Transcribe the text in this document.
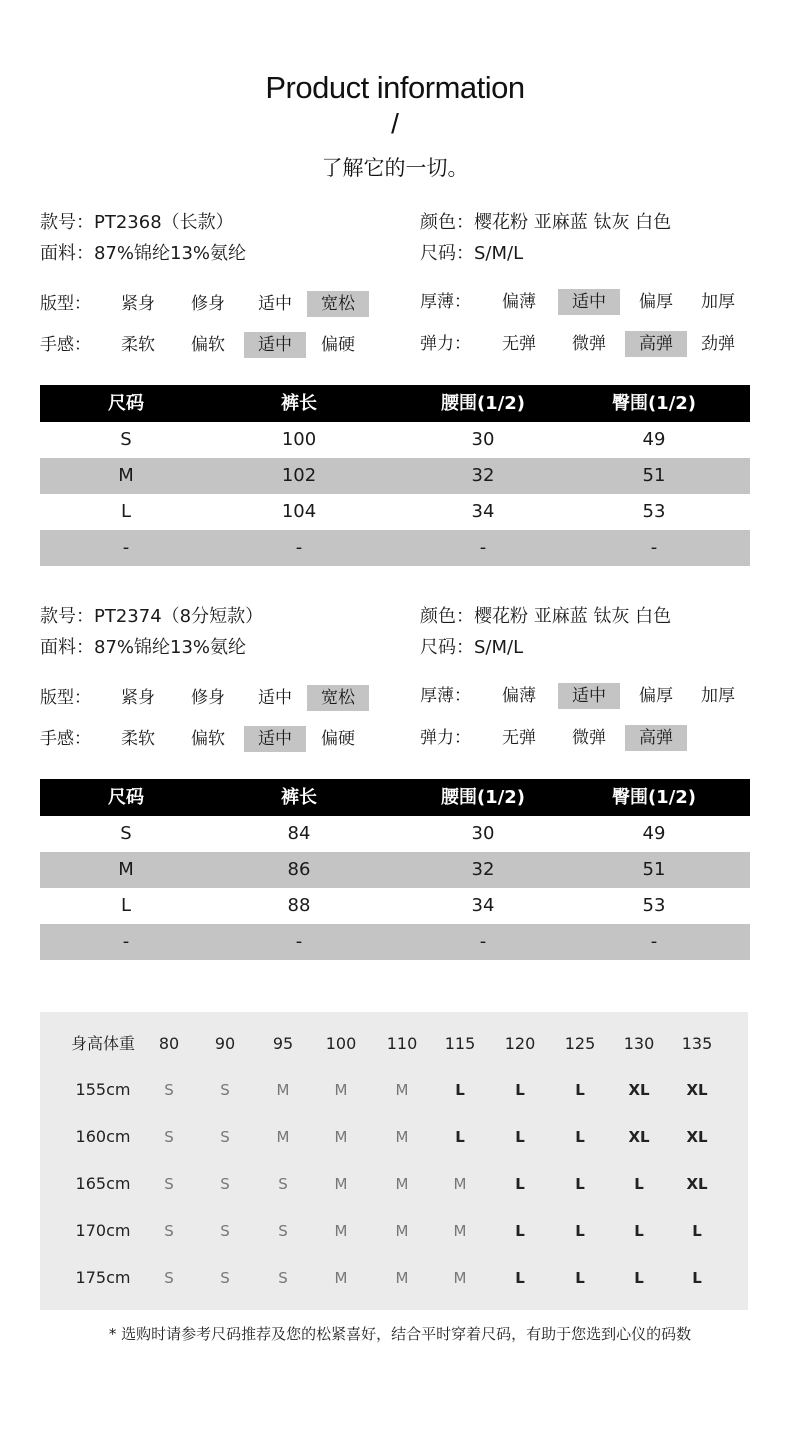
Product information
/
了解它的一切。
款号：PT2368（长款）
面料：87%锦纶13%氨纶
颜色：樱花粉 亚麻蓝 钛灰 白色
尺码：S/M/L
版型：	紧身	修身	适中	宽松	厚薄：	偏薄	适中	偏厚	加厚
手感：	柔软	偏软	适中	偏硬	弹力：	无弹	微弹	高弹	劲弹
尺码	裤长	腰围(1/2)	臀围(1/2)
S	100	30	49
M	102	32	51
L	104	34	53
-	-	-	-
款号：PT2374（8分短款）
面料：87%锦纶13%氨纶
颜色：樱花粉 亚麻蓝 钛灰 白色
尺码：S/M/L
版型：	紧身	修身	适中	宽松	厚薄：	偏薄	适中	偏厚	加厚
手感：	柔软	偏软	适中	偏硬	弹力：	无弹	微弹	高弹
尺码	裤长	腰围(1/2)	臀围(1/2)
S	84	30	49
M	86	32	51
L	88	34	53
-	-	-	-
身高体重	80	90	95	100	110	115	120	125	130	135
155cm	S	S	M	M	M	L	L	L	XL	XL
160cm	S	S	M	M	M	L	L	L	XL	XL
165cm	S	S	S	M	M	M	L	L	L	XL
170cm	S	S	S	M	M	M	L	L	L	L
175cm	S	S	S	M	M	M	L	L	L	L
* 选购时请参考尺码推荐及您的松紧喜好，结合平时穿着尺码，有助于您选到心仪的码数
